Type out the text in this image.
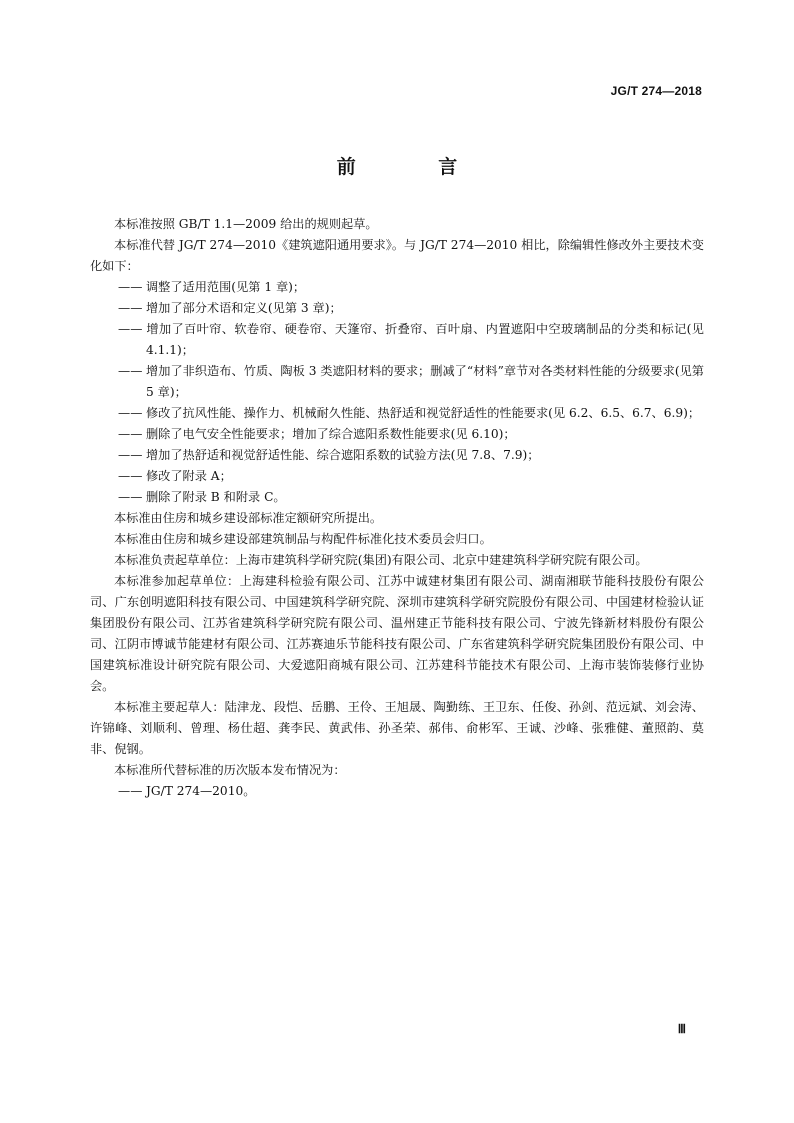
JG/T 274—2018
前 言

本标准按照 GB/T 1.1—2009 给出的规则起草。

本标准代替 JG/T 274—2010《建筑遮阳通用要求》。与 JG/T 274—2010 相比，除编辑性修改外主要技术变化如下：

—— 调整了适用范围(见第 1 章)；

—— 增加了部分术语和定义(见第 3 章)；

—— 增加了百叶帘、软卷帘、硬卷帘、天篷帘、折叠帘、百叶扇、内置遮阳中空玻璃制品的分类和标记(见 4.1.1)；

—— 增加了非织造布、竹质、陶板 3 类遮阳材料的要求；删减了“材料”章节对各类材料性能的分级要求(见第 5 章)；

—— 修改了抗风性能、操作力、机械耐久性能、热舒适和视觉舒适性的性能要求(见 6.2、6.5、6.7、6.9)；

—— 删除了电气安全性能要求；增加了综合遮阳系数性能要求(见 6.10)；

—— 增加了热舒适和视觉舒适性能、综合遮阳系数的试验方法(见 7.8、7.9)；

—— 修改了附录 A；

—— 删除了附录 B 和附录 C。

本标准由住房和城乡建设部标准定额研究所提出。

本标准由住房和城乡建设部建筑制品与构配件标准化技术委员会归口。

本标准负责起草单位：上海市建筑科学研究院(集团)有限公司、北京中建建筑科学研究院有限公司。

本标准参加起草单位：上海建科检验有限公司、江苏中诚建材集团有限公司、湖南湘联节能科技股份有限公司、广东创明遮阳科技有限公司、中国建筑科学研究院、深圳市建筑科学研究院股份有限公司、中国建材检验认证集团股份有限公司、江苏省建筑科学研究院有限公司、温州建正节能科技有限公司、宁波先锋新材料股份有限公司、江阴市博诚节能建材有限公司、江苏赛迪乐节能科技有限公司、广东省建筑科学研究院集团股份有限公司、中国建筑标准设计研究院有限公司、大爱遮阳商城有限公司、江苏建科节能技术有限公司、上海市装饰装修行业协会。

本标准主要起草人：陆津龙、段恺、岳鹏、王伶、王旭晟、陶勤练、王卫东、任俊、孙剑、范远斌、刘会涛、许锦峰、刘顺利、曾理、杨仕超、龚李民、黄武伟、孙圣荣、郝伟、俞彬军、王诚、沙峰、张雅健、董照韵、莫非、倪钢。

本标准所代替标准的历次版本发布情况为：

—— JG/T 274—2010。

Ⅲ
